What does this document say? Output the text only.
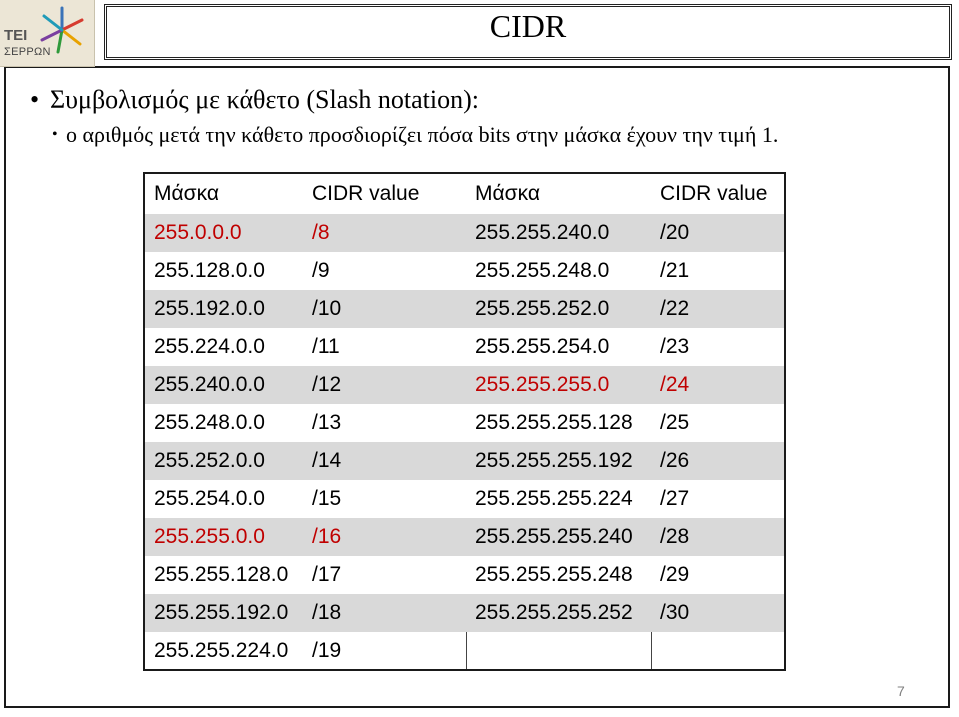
TEI
ΣΕΡΡΩΝ
CIDR
• Συμβολισμός με κάθετο (Slash notation):
• ο αριθμός μετά την κάθετο προσδιορίζει πόσα bits στην μάσκα έχουν την τιμή 1.
Μάσκα	CIDR value	Μάσκα	CIDR value
255.0.0.0	/8	255.255.240.0	/20
255.128.0.0	/9	255.255.248.0	/21
255.192.0.0	/10	255.255.252.0	/22
255.224.0.0	/11	255.255.254.0	/23
255.240.0.0	/12	255.255.255.0	/24
255.248.0.0	/13	255.255.255.128	/25
255.252.0.0	/14	255.255.255.192	/26
255.254.0.0	/15	255.255.255.224	/27
255.255.0.0	/16	255.255.255.240	/28
255.255.128.0	/17	255.255.255.248	/29
255.255.192.0	/18	255.255.255.252	/30
255.255.224.0	/19		
7
